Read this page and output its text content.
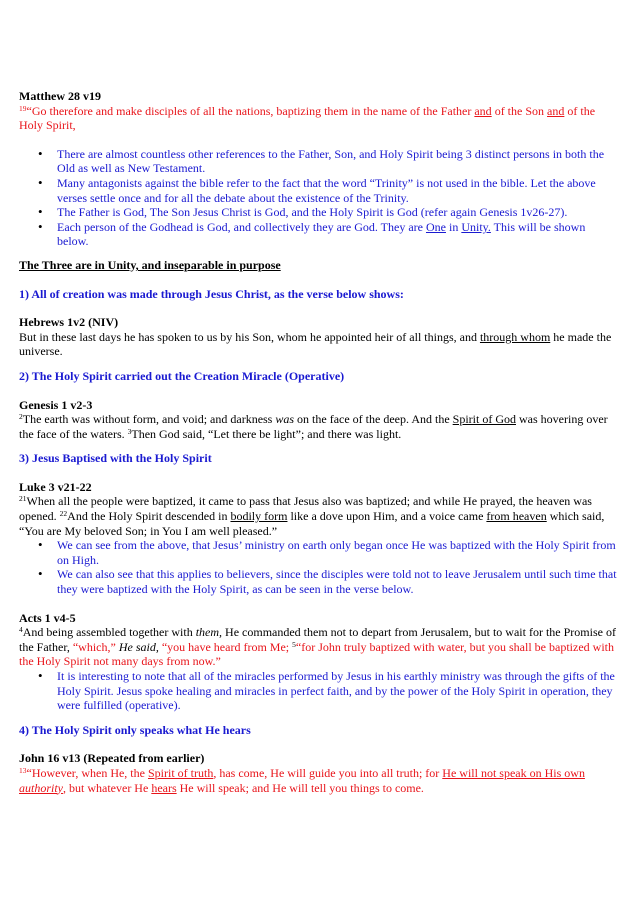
Matthew 28 v19

$^{19}$“Go therefore and make disciples of all the nations, baptizing them in the name of the Father and of the Son and of the Holy Spirit,

• There are almost countless other references to the Father, Son, and Holy Spirit being 3 distinct persons in both the Old as well as New Testament.
• Many antagonists against the bible refer to the fact that the word “Trinity” is not used in the bible. Let the above verses settle once and for all the debate about the existence of the Trinity.
• The Father is God, The Son Jesus Christ is God, and the Holy Spirit is God (refer again Genesis 1v26-27).
• Each person of the Godhead is God, and collectively they are God. They are One in Unity. This will be shown below.

The Three are in Unity, and inseparable in purpose

1) All of creation was made through Jesus Christ, as the verse below shows:

Hebrews 1v2 (NIV)

But in these last days he has spoken to us by his Son, whom he appointed heir of all things, and through whom he made the universe.

2) The Holy Spirit carried out the Creation Miracle (Operative)

Genesis 1 v2-3

$^2$The earth was without form, and void; and darkness was on the face of the deep. And the Spirit of God was hovering over the face of the waters. $^3$Then God said, “Let there be light”; and there was light.

3) Jesus Baptised with the Holy Spirit

Luke 3 v21-22

$^{21}$When all the people were baptized, it came to pass that Jesus also was baptized; and while He prayed, the heaven was opened. $^{22}$And the Holy Spirit descended in bodily form like a dove upon Him, and a voice came from heaven which said, “You are My beloved Son; in You I am well pleased.”

• We can see from the above, that Jesus’ ministry on earth only began once He was baptized with the Holy Spirit from on High.
• We can also see that this applies to believers, since the disciples were told not to leave Jerusalem until such time that they were baptized with the Holy Spirit, as can be seen in the verse below.

Acts 1 v4-5

$^4$And being assembled together with them, He commanded them not to depart from Jerusalem, but to wait for the Promise of the Father, “which,” He said, “you have heard from Me; $^5$“for John truly baptized with water, but you shall be baptized with the Holy Spirit not many days from now.”

• It is interesting to note that all of the miracles performed by Jesus in his earthly ministry was through the gifts of the Holy Spirit. Jesus spoke healing and miracles in perfect faith, and by the power of the Holy Spirit in operation, they were fulfilled (operative).

4) The Holy Spirit only speaks what He hears

John 16 v13 (Repeated from earlier)

$^{13}$“However, when He, the Spirit of truth, has come, He will guide you into all truth; for He will not speak on His own authority, but whatever He hears He will speak; and He will tell you things to come.
